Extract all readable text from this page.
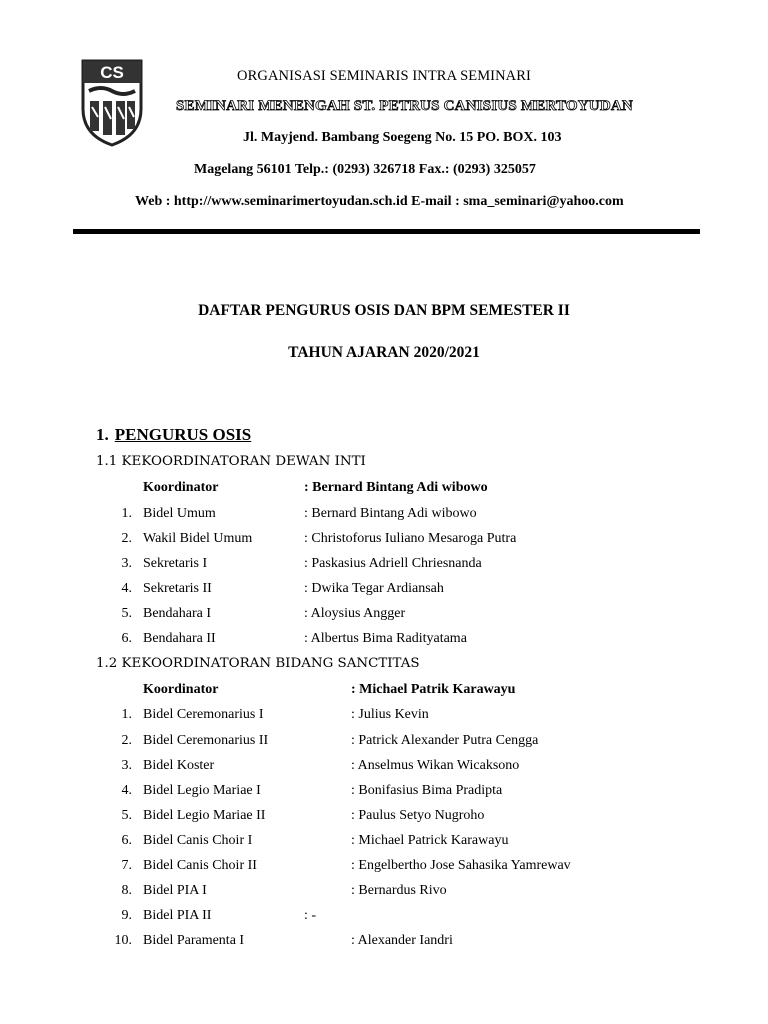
CS	ORGANISASI SEMINARIS INTRA SEMINARI
SEMINARI MENENGAH ST. PETRUS CANISIUS MERTOYUDAN
Jl. Mayjend. Bambang Soegeng No. 15 PO. BOX. 103
Magelang 56101 Telp.: (0293) 326718 Fax.: (0293) 325057
Web : http://www.seminarimertoyudan.sch.id E-mail : sma_seminari@yahoo.com
DAFTAR PENGURUS OSIS DAN BPM SEMESTER II
TAHUN AJARAN 2020/2021
1. PENGURUS OSIS
1.1 KEKOORDINATORAN DEWAN INTI
Koordinator	: Bernard Bintang Adi wibowo
1. Bidel Umum	: Bernard Bintang Adi wibowo
2. Wakil Bidel Umum	: Christoforus Iuliano Mesaroga Putra
3. Sekretaris I	: Paskasius Adriell Chriesnanda
4. Sekretaris II	: Dwika Tegar Ardiansah
5. Bendahara I	: Aloysius Angger
6. Bendahara II	: Albertus Bima Radityatama
1.2 KEKOORDINATORAN BIDANG SANCTITAS
Koordinator	: Michael Patrik Karawayu
1. Bidel Ceremonarius I	: Julius Kevin
2. Bidel Ceremonarius II	: Patrick Alexander Putra Cengga
3. Bidel Koster	: Anselmus Wikan Wicaksono
4. Bidel Legio Mariae I	: Bonifasius Bima Pradipta
5. Bidel Legio Mariae II	: Paulus Setyo Nugroho
6. Bidel Canis Choir I	: Michael Patrick Karawayu
7. Bidel Canis Choir II	: Engelbertho Jose Sahasika Yamrewav
8. Bidel PIA I	: Bernardus Rivo
9. Bidel PIA II	: -
10. Bidel Paramenta I	: Alexander Iandri
